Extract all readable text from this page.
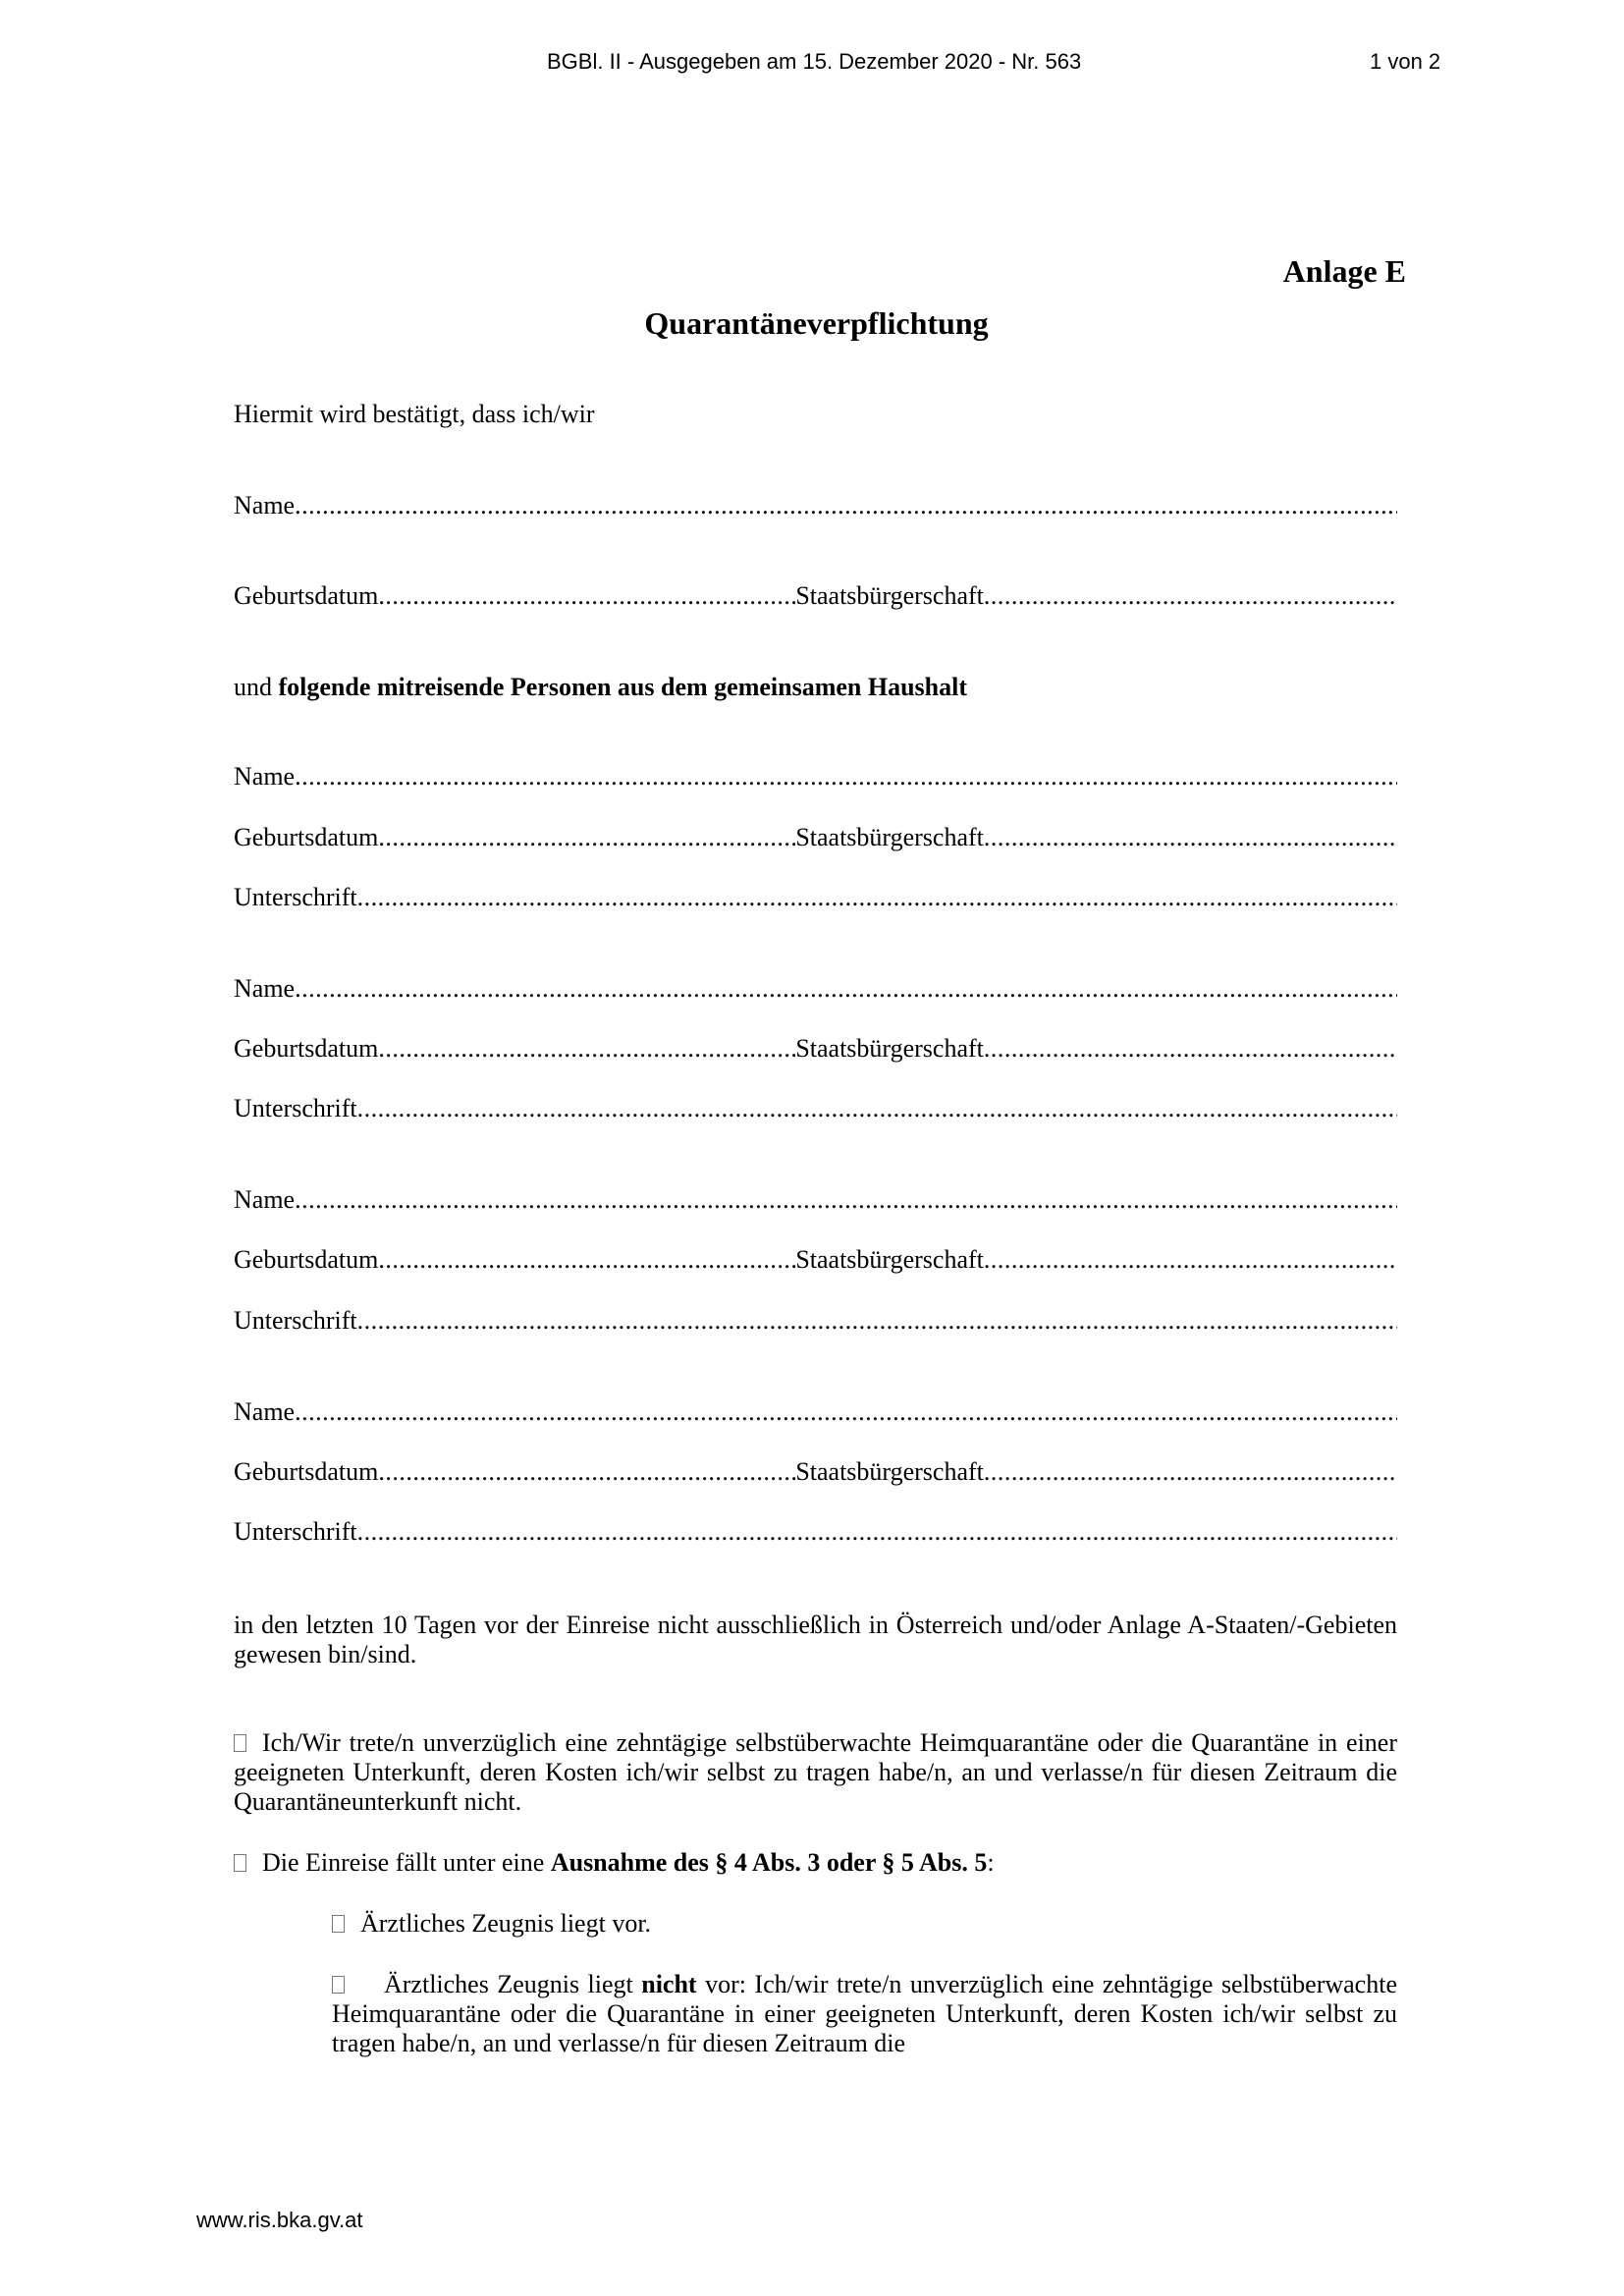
BGBl. II - Ausgegeben am 15. Dezember 2020 - Nr. 563	1 von 2
Anlage E
Quarantäneverpflichtung
Hiermit wird bestätigt, dass ich/wir
Name
.....
Geburtsdatum .....	Staatsbürgerschaft
.....
und folgende mitreisende Personen aus dem gemeinsamen Haushalt
Name
.....
Geburtsdatum .....	Staatsbürgerschaft
.....
Unterschrift
.....
Name
.....
Geburtsdatum .....	Staatsbürgerschaft
.....
Unterschrift
.....
Name
.....
Geburtsdatum .....	Staatsbürgerschaft
.....
Unterschrift
.....
Name
.....
Geburtsdatum .....	Staatsbürgerschaft
.....
Unterschrift
.....
in den letzten 10 Tagen vor der Einreise nicht ausschließlich in Österreich und/oder Anlage A-Staaten/-Gebieten gewesen bin/sind.
Ich/Wir trete/n unverzüglich eine zehntägige selbstüberwachte Heimquarantäne oder die Quarantäne in einer geeigneten Unterkunft, deren Kosten ich/wir selbst zu tragen habe/n, an und verlasse/n für diesen Zeitraum die Quarantäneunterkunft nicht.
Die Einreise fällt unter eine Ausnahme des § 4 Abs. 3 oder § 5 Abs. 5:
Ärztliches Zeugnis liegt vor.
Ärztliches Zeugnis liegt nicht vor: Ich/wir trete/n unverzüglich eine zehntägige selbstüberwachte Heimquarantäne oder die Quarantäne in einer geeigneten Unterkunft, deren Kosten ich/wir selbst zu tragen habe/n, an und verlasse/n für diesen Zeitraum die
www.ris.bka.gv.at
